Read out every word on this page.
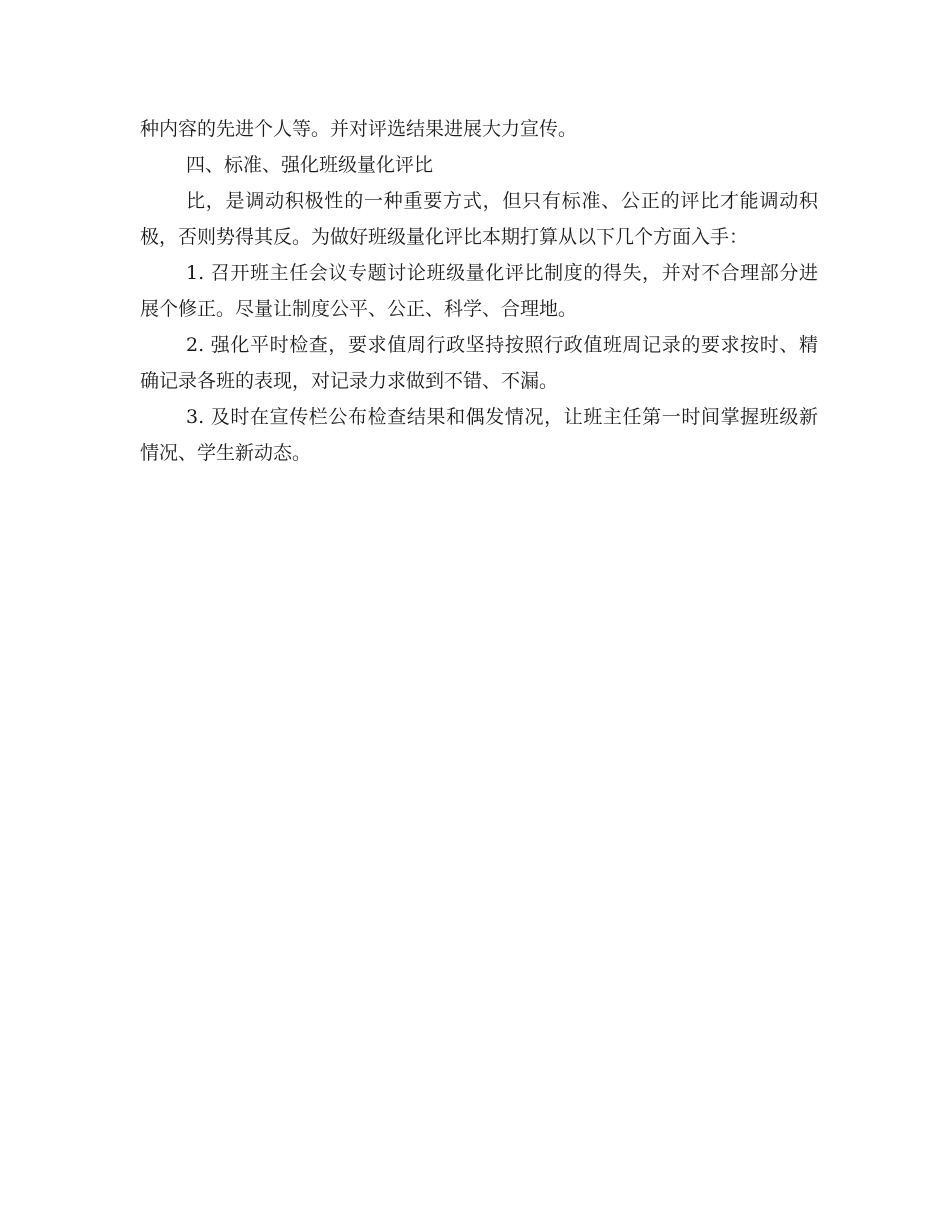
种内容的先进个人等。并对评选结果进展大力宣传。

四、标准、强化班级量化评比

比，是调动积极性的一种重要方式，但只有标准、公正的评比才能调动积极，否则势得其反。为做好班级量化评比本期打算从以下几个方面入手：

1. 召开班主任会议专题讨论班级量化评比制度的得失，并对不合理部分进展个修正。尽量让制度公平、公正、科学、合理地。

2. 强化平时检查，要求值周行政坚持按照行政值班周记录的要求按时、精确记录各班的表现，对记录力求做到不错、不漏。

3. 及时在宣传栏公布检查结果和偶发情况，让班主任第一时间掌握班级新情况、学生新动态。
